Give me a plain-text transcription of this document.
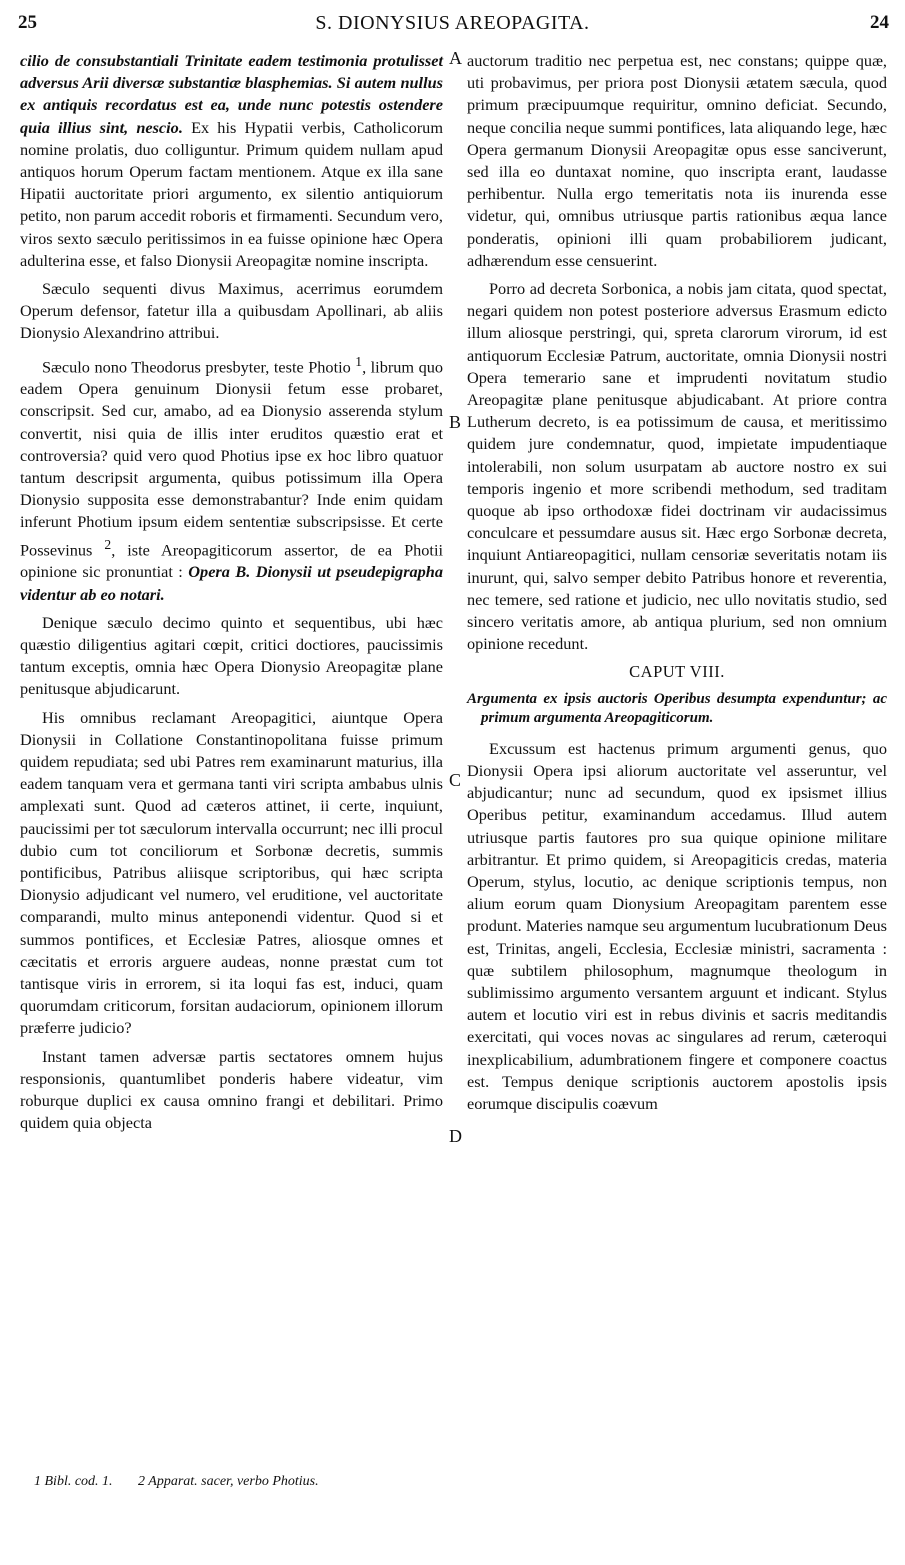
S. DIONYSIUS AREOPAGITA.
25	24
A
B
C
D

cilio de consubstantiali Trinitate eadem testimonia protulisset adversus Arii diversæ substantiæ blasphemias. Si autem nullus ex antiquis recordatus est ea, unde nunc potestis ostendere quia illius sint, nescio. Ex his Hypatii verbis, Catholicorum nomine prolatis, duo colliguntur. Primum quidem nullam apud antiquos horum Operum factam mentionem. Atque ex illa sane Hipatii auctoritate priori argumento, ex silentio antiquiorum petito, non parum accedit roboris et firmamenti. Secundum vero, viros sexto sæculo peritissimos in ea fuisse opinione hæc Opera adulterina esse, et falso Dionysii Areopagitæ nomine inscripta.

Sæculo sequenti divus Maximus, acerrimus eorumdem Operum defensor, fatetur illa a quibusdam Apollinari, ab aliis Dionysio Alexandrino attribui.

Sæculo nono Theodorus presbyter, teste Photio $^1$, librum quo eadem Opera genuinum Dionysii fetum esse probaret, conscripsit. Sed cur, amabo, ad ea Dionysio asserenda stylum convertit, nisi quia de illis inter eruditos quæstio erat et controversia? quid vero quod Photius ipse ex hoc libro quatuor tantum descripsit argumenta, quibus potissimum illa Opera Dionysio supposita esse demonstrabantur? Inde enim quidam inferunt Photium ipsum eidem sententiæ subscripsisse. Et certe Possevinus $^2$, iste Areopagiticorum assertor, de ea Photii opinione sic pronuntiat : Opera B. Dionysii ut pseudepigrapha videntur ab eo notari.

Denique sæculo decimo quinto et sequentibus, ubi hæc quæstio diligentius agitari cœpit, critici doctiores, paucissimis tantum exceptis, omnia hæc Opera Dionysio Areopagitæ plane penitusque abjudicarunt.

His omnibus reclamant Areopagitici, aiuntque Opera Dionysii in Collatione Constantinopolitana fuisse primum quidem repudiata; sed ubi Patres rem examinarunt maturius, illa eadem tanquam vera et germana tanti viri scripta ambabus ulnis amplexati sunt. Quod ad cæteros attinet, ii certe, inquiunt, paucissimi per tot sæculorum intervalla occurrunt; nec illi procul dubio cum tot conciliorum et Sorbonæ decretis, summis pontificibus, Patribus aliisque scriptoribus, qui hæc scripta Dionysio adjudicant vel numero, vel eruditione, vel auctoritate comparandi, multo minus anteponendi videntur. Quod si et summos pontifices, et Ecclesiæ Patres, aliosque omnes et cæcitatis et erroris arguere audeas, nonne præstat cum tot tantisque viris in errorem, si ita loqui fas est, induci, quam quorumdam criticorum, forsitan audaciorum, opinionem illorum præferre judicio?

Instant tamen adversæ partis sectatores omnem hujus responsionis, quantumlibet ponderis habere videatur, vim roburque duplici ex causa omnino frangi et debilitari. Primo quidem quia objecta

auctorum traditio nec perpetua est, nec constans; quippe quæ, uti probavimus, per priora post Dionysii ætatem sæcula, quod primum præcipuumque requiritur, omnino deficiat. Secundo, neque concilia neque summi pontifices, lata aliquando lege, hæc Opera germanum Dionysii Areopagitæ opus esse sanciverunt, sed illa eo duntaxat nomine, quo inscripta erant, laudasse perhibentur. Nulla ergo temeritatis nota iis inurenda esse videtur, qui, omnibus utriusque partis rationibus æqua lance ponderatis, opinioni illi quam probabiliorem judicant, adhærendum esse censuerint.

Porro ad decreta Sorbonica, a nobis jam citata, quod spectat, negari quidem non potest posteriore adversus Erasmum edicto illum aliosque perstringi, qui, spreta clarorum virorum, id est antiquorum Ecclesiæ Patrum, auctoritate, omnia Dionysii nostri Opera temerario sane et imprudenti novitatum studio Areopagitæ plane penitusque abjudicabant. At priore contra Lutherum decreto, is ea potissimum de causa, et meritissimo quidem jure condemnatur, quod, impietate impudentiaque intolerabili, non solum usurpatam ab auctore nostro ex sui temporis ingenio et more scribendi methodum, sed traditam quoque ab ipso orthodoxæ fidei doctrinam vir audacissimus conculcare et pessumdare ausus sit. Hæc ergo Sorbonæ decreta, inquiunt Antiareopagitici, nullam censoriæ severitatis notam iis inurunt, qui, salvo semper debito Patribus honore et reverentia, nec temere, sed ratione et judicio, nec ullo novitatis studio, sed sincero veritatis amore, ab antiqua plurium, sed non omnium opinione recedunt.

CAPUT VIII.

Argumenta ex ipsis auctoris Operibus desumpta expenduntur; ac primum argumenta Areopagiticorum.

Excussum est hactenus primum argumenti genus, quo Dionysii Opera ipsi aliorum auctoritate vel asseruntur, vel abjudicantur; nunc ad secundum, quod ex ipsismet illius Operibus petitur, examinandum accedamus. Illud autem utriusque partis fautores pro sua quique opinione militare arbitrantur. Et primo quidem, si Areopagiticis credas, materia Operum, stylus, locutio, ac denique scriptionis tempus, non alium eorum quam Dionysium Areopagitam parentem esse produnt. Materies namque seu argumentum lucubrationum Deus est, Trinitas, angeli, Ecclesia, Ecclesiæ ministri, sacramenta : quæ subtilem philosophum, magnumque theologum in sublimissimo argumento versantem arguunt et indicant. Stylus autem et locutio viri est in rebus divinis et sacris meditandis exercitati, qui voces novas ac singulares ad rerum, cæteroqui inexplicabilium, adumbrationem fingere et componere coactus est. Tempus denique scriptionis auctorem apostolis ipsis eorumque discipulis coævum

1 Bibl. cod. 1. 2 Apparat. sacer, verbo Photius.
